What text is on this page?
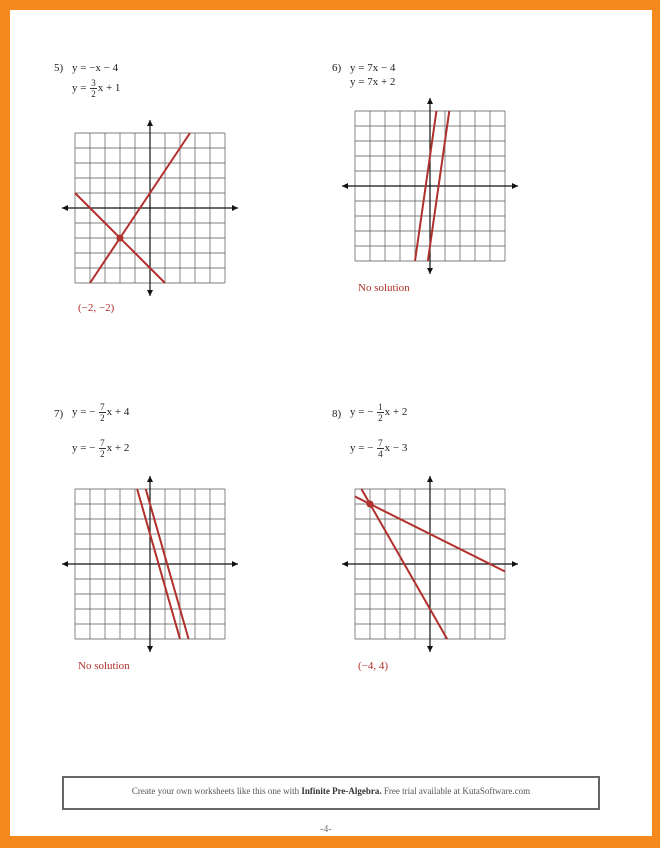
5) y = −x − 4
$y = \frac{3}{2}$ x + 1
(−2, −2)
6) y = 7x − 4
y = 7x + 2
No solution
7) y = − $\frac{7}{2}$ x + 4
y = − $\frac{7}{2}$ x + 2
No solution
8) y = − $\frac{1}{2}$ x + 2
y = − $\frac{7}{4}$ x − 3
(−4, 4)
Create your own worksheets like this one with Infinite Pre-Algebra. Free trial available at KutaSoftware.com
-4-
